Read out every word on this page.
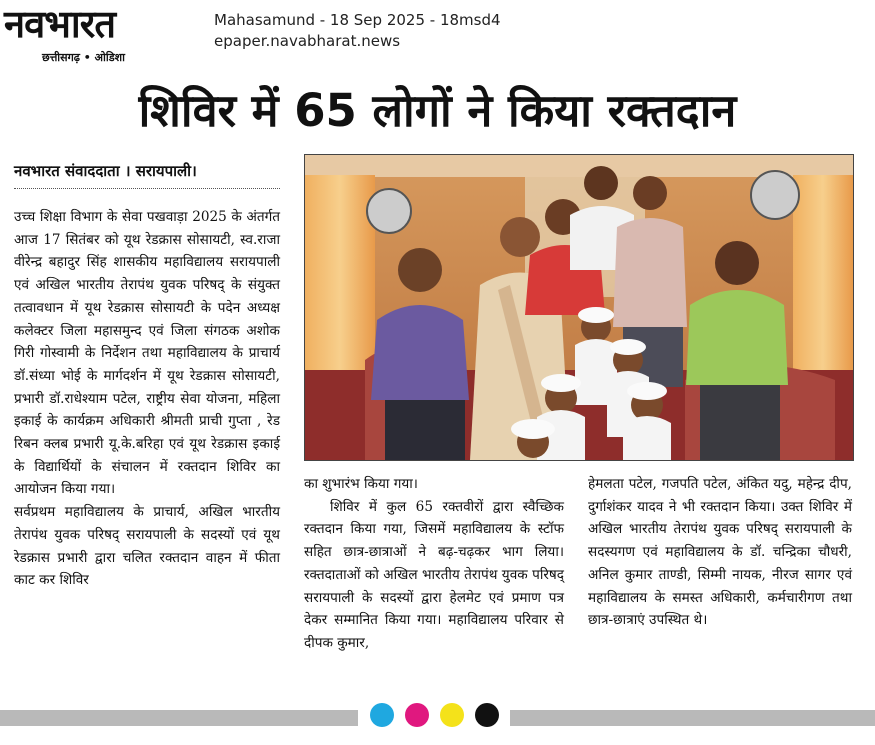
नवभारत
छत्तीसगढ़ • ओडिशा
Mahasamund - 18 Sep 2025 - 18msd4
epaper.navabharat.news
शिविर में 65 लोगों ने किया रक्तदान
नवभारत संवाददाता । सरायपाली।

उच्च शिक्षा विभाग के सेवा पखवाड़ा 2025 के अंतर्गत आज 17 सितंबर को यूथ रेडक्रास सोसायटी, स्व.राजा वीरेन्द्र बहादुर सिंह शासकीय महाविद्यालय सरायपाली एवं अखिल भारतीय तेरापंथ युवक परिषद् के संयुक्त तत्वावधान में यूथ रेडक्रास सोसायटी के पदेन अध्यक्ष कलेक्टर जिला महासमुन्द एवं जिला संगठक अशोक गिरी गोस्वामी के निर्देशन तथा महाविद्यालय के प्राचार्य डॉ.संध्या भोई के मार्गदर्शन में यूथ रेडक्रास सोसायटी, प्रभारी डॉ.राधेश्याम पटेल, राष्ट्रीय सेवा योजना, महिला इकाई के कार्यक्रम अधिकारी श्रीमती प्राची गुप्ता , रेड रिबन क्लब प्रभारी यू.के.बरिहा एवं यूथ रेडक्रास इकाई के विद्यार्थियों के संचालन में रक्तदान शिविर का आयोजन किया गया।

सर्वप्रथम महाविद्यालय के प्राचार्य, अखिल भारतीय तेरापंथ युवक परिषद् सरायपाली के सदस्यों एवं यूथ रेडक्रास प्रभारी द्वारा चलित रक्तदान वाहन में फीता काट कर शिविर

का शुभारंभ किया गया।

शिविर में कुल 65 रक्तवीरों द्वारा स्वैच्छिक रक्तदान किया गया, जिसमें महाविद्यालय के स्टॉफ सहित छात्र-छात्राओं ने बढ़-चढ़कर भाग लिया। रक्तदाताओं को अखिल भारतीय तेरापंथ युवक परिषद् सरायपाली के सदस्यों द्वारा हेलमेट एवं प्रमाण पत्र देकर सम्मानित किया गया। महाविद्यालय परिवार से दीपक कुमार,

हेमलता पटेल, गजपति पटेल, अंकित यदु, महेन्द्र दीप, दुर्गाशंकर यादव ने भी रक्तदान किया। उक्त शिविर में अखिल भारतीय तेरापंथ युवक परिषद् सरायपाली के सदस्यगण एवं महाविद्यालय के डॉ. चन्द्रिका चौधरी, अनिल कुमार ताण्डी, सिम्मी नायक, नीरज सागर एवं महाविद्यालय के समस्त अधिकारी, कर्मचारीगण तथा छात्र-छात्राएं उपस्थित थे।
